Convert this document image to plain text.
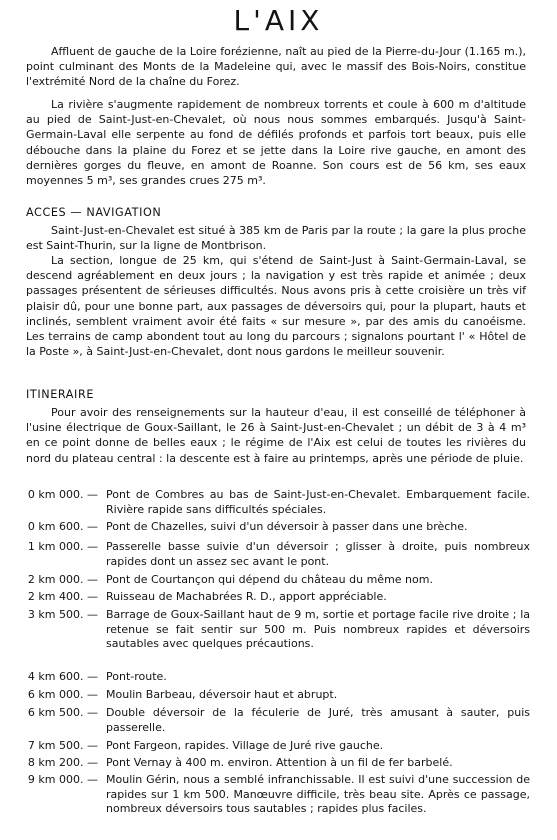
L'AIX

Affluent de gauche de la Loire forézienne, naît au pied de la Pierre-du-Jour (1.165 m.), point culminant des Monts de la Madeleine qui, avec le massif des Bois-Noirs, constitue l'extrémité Nord de la chaîne du Forez.

La rivière s'augmente rapidement de nombreux torrents et coule à 600 m d'altitude au pied de Saint-Just-en-Chevalet, où nous nous sommes embarqués. Jusqu'à Saint-Germain-Laval elle serpente au fond de défilés profonds et parfois tort beaux, puis elle débouche dans la plaine du Forez et se jette dans la Loire rive gauche, en amont des dernières gorges du fleuve, en amont de Roanne. Son cours est de 56 km, ses eaux moyennes 5 m³, ses grandes crues 275 m³.

ACCES — NAVIGATION

Saint-Just-en-Chevalet est situé à 385 km de Paris par la route ; la gare la plus proche est Saint-Thurin, sur la ligne de Montbrison.

La section, longue de 25 km, qui s'étend de Saint-Just à Saint-Germain-Laval, se descend agréablement en deux jours ; la navigation y est très rapide et animée ; deux passages présentent de sérieuses difficultés. Nous avons pris à cette croisière un très vif plaisir dû, pour une bonne part, aux passages de déversoirs qui, pour la plupart, hauts et inclinés, semblent vraiment avoir été faits « sur mesure », par des amis du canoéisme. Les terrains de camp abondent tout au long du parcours ; signalons pourtant l' « Hôtel de la Poste », à Saint-Just-en-Chevalet, dont nous gardons le meilleur souvenir.

ITINERAIRE

Pour avoir des renseignements sur la hauteur d'eau, il est conseillé de téléphoner à l'usine électrique de Goux-Saillant, le 26 à Saint-Just-en-Chevalet ; un débit de 3 à 4 m³ en ce point donne de belles eaux ; le régime de l'Aix est celui de toutes les rivières du nord du plateau central : la descente est à faire au printemps, après une période de pluie.

0 km 000. — Pont de Combres au bas de Saint-Just-en-Chevalet. Embarquement facile. Rivière rapide sans difficultés spéciales.
0 km 600. — Pont de Chazelles, suivi d'un déversoir à passer dans une brèche.
1 km 000. — Passerelle basse suivie d'un déversoir ; glisser à droite, puis nombreux rapides dont un assez sec avant le pont.
2 km 000. — Pont de Courtançon qui dépend du château du même nom.
2 km 400. — Ruisseau de Machabrées R. D., apport appréciable.
3 km 500. — Barrage de Goux-Saillant haut de 9 m, sortie et portage facile rive droite ; la retenue se fait sentir sur 500 m. Puis nombreux rapides et déversoirs sautables avec quelques précautions.
4 km 600. — Pont-route.
6 km 000. — Moulin Barbeau, déversoir haut et abrupt.
6 km 500. — Double déversoir de la féculerie de Juré, très amusant à sauter, puis passerelle.
7 km 500. — Pont Fargeon, rapides. Village de Juré rive gauche.
8 km 200. — Pont Vernay à 400 m. environ. Attention à un fil de fer barbelé.
9 km 000. — Moulin Gérin, nous a semblé infranchissable. Il est suivi d'une succession de rapides sur 1 km 500. Manœuvre difficile, très beau site. Après ce passage, nombreux déversoirs tous sautables ; rapides plus faciles.
